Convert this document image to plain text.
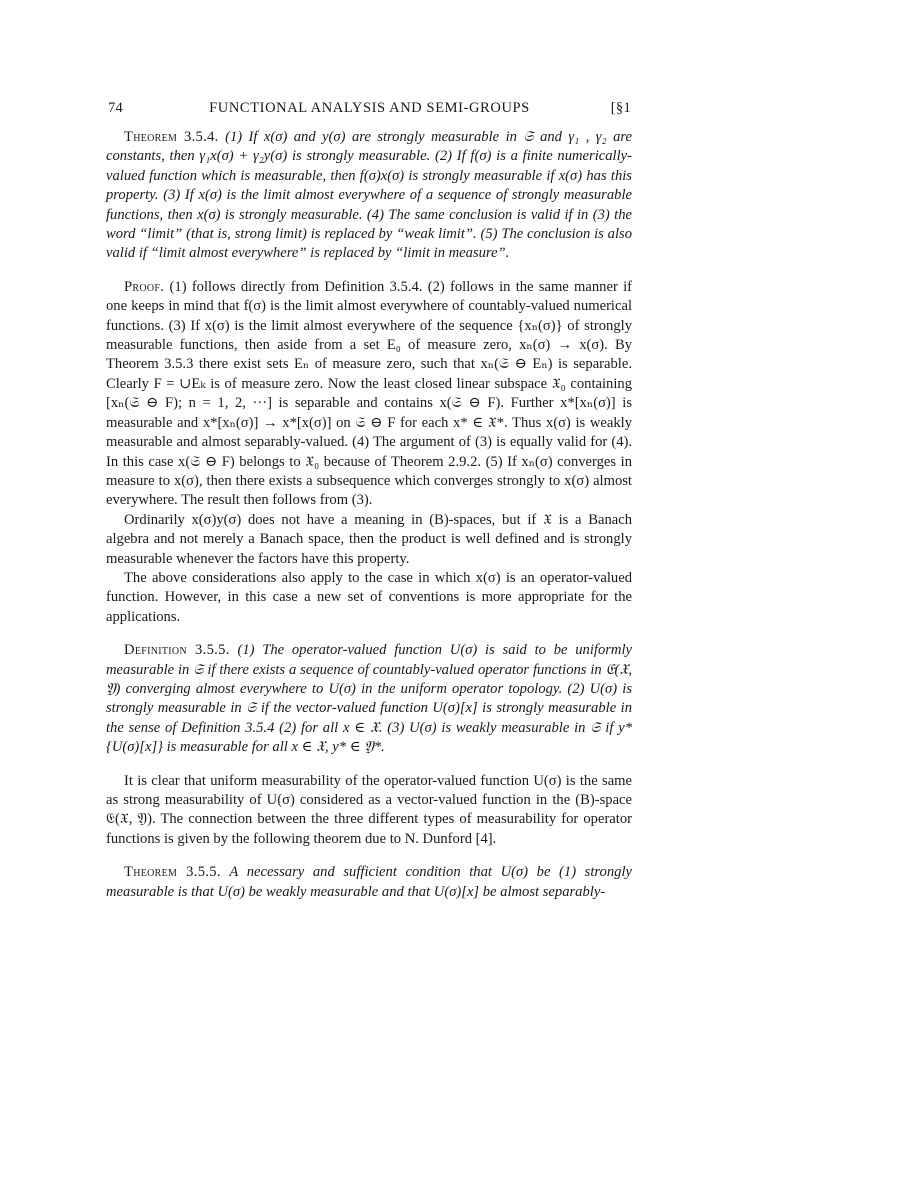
74	FUNCTIONAL ANALYSIS AND SEMI-GROUPS	[§1

Theorem 3.5.4. (1) If x(σ) and y(σ) are strongly measurable in 𝔖 and γ₁ , γ₂ are constants, then γ₁x(σ) + γ₂y(σ) is strongly measurable. (2) If f(σ) is a finite numerically-valued function which is measurable, then f(σ)x(σ) is strongly measurable if x(σ) has this property. (3) If x(σ) is the limit almost everywhere of a sequence of strongly measurable functions, then x(σ) is strongly measurable. (4) The same conclusion is valid if in (3) the word “limit” (that is, strong limit) is replaced by “weak limit”. (5) The conclusion is also valid if “limit almost everywhere” is replaced by “limit in measure”.

Proof. (1) follows directly from Definition 3.5.4. (2) follows in the same manner if one keeps in mind that f(σ) is the limit almost everywhere of countably-valued numerical functions. (3) If x(σ) is the limit almost everywhere of the sequence {xₙ(σ)} of strongly measurable functions, then aside from a set E₀ of measure zero, xₙ(σ) → x(σ). By Theorem 3.5.3 there exist sets Eₙ of measure zero, such that xₙ(𝔖 ⊖ Eₙ) is separable. Clearly F = ∪Eₖ is of measure zero. Now the least closed linear subspace 𝔛₀ containing [xₙ(𝔖 ⊖ F); n = 1, 2, ···] is separable and contains x(𝔖 ⊖ F). Further x*[xₙ(σ)] is measurable and x*[xₙ(σ)] → x*[x(σ)] on 𝔖 ⊖ F for each x* ∈ 𝔛*. Thus x(σ) is weakly measurable and almost separably-valued. (4) The argument of (3) is equally valid for (4). In this case x(𝔖 ⊖ F) belongs to 𝔛₀ because of Theorem 2.9.2. (5) If xₙ(σ) converges in measure to x(σ), then there exists a subsequence which converges strongly to x(σ) almost everywhere. The result then follows from (3).

Ordinarily x(σ)y(σ) does not have a meaning in (B)-spaces, but if 𝔛 is a Banach algebra and not merely a Banach space, then the product is well defined and is strongly measurable whenever the factors have this property.

The above considerations also apply to the case in which x(σ) is an operator-valued function. However, in this case a new set of conventions is more appropriate for the applications.

Definition 3.5.5. (1) The operator-valued function U(σ) is said to be uniformly measurable in 𝔖 if there exists a sequence of countably-valued operator functions in 𝔈(𝔛, 𝔜) converging almost everywhere to U(σ) in the uniform operator topology. (2) U(σ) is strongly measurable in 𝔖 if the vector-valued function U(σ)[x] is strongly measurable in the sense of Definition 3.5.4 (2) for all x ∈ 𝔛. (3) U(σ) is weakly measurable in 𝔖 if y*{U(σ)[x]} is measurable for all x ∈ 𝔛, y* ∈ 𝔜*.

It is clear that uniform measurability of the operator-valued function U(σ) is the same as strong measurability of U(σ) considered as a vector-valued function in the (B)-space 𝔈(𝔛, 𝔜). The connection between the three different types of measurability for operator functions is given by the following theorem due to N. Dunford [4].

Theorem 3.5.5. A necessary and sufficient condition that U(σ) be (1) strongly measurable is that U(σ) be weakly measurable and that U(σ)[x] be almost separably-
